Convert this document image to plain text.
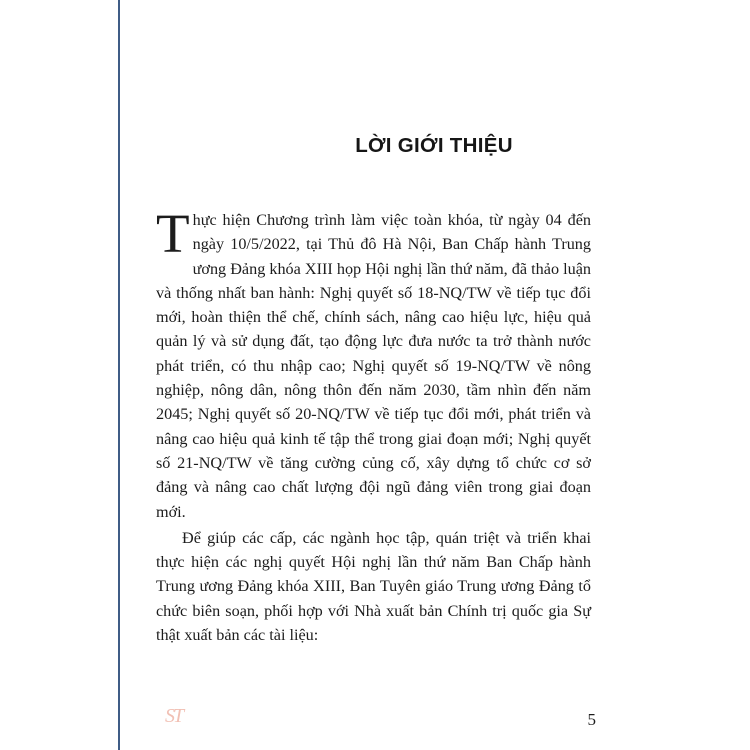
LỜI GIỚI THIỆU

Thực hiện Chương trình làm việc toàn khóa, từ ngày 04 đến ngày 10/5/2022, tại Thủ đô Hà Nội, Ban Chấp hành Trung ương Đảng khóa XIII họp Hội nghị lần thứ năm, đã thảo luận và thống nhất ban hành: Nghị quyết số 18-NQ/TW về tiếp tục đổi mới, hoàn thiện thể chế, chính sách, nâng cao hiệu lực, hiệu quả quản lý và sử dụng đất, tạo động lực đưa nước ta trở thành nước phát triển, có thu nhập cao; Nghị quyết số 19-NQ/TW về nông nghiệp, nông dân, nông thôn đến năm 2030, tầm nhìn đến năm 2045; Nghị quyết số 20-NQ/TW về tiếp tục đổi mới, phát triển và nâng cao hiệu quả kinh tế tập thể trong giai đoạn mới; Nghị quyết số 21-NQ/TW về tăng cường củng cố, xây dựng tổ chức cơ sở đảng và nâng cao chất lượng đội ngũ đảng viên trong giai đoạn mới.

Để giúp các cấp, các ngành học tập, quán triệt và triển khai thực hiện các nghị quyết Hội nghị lần thứ năm Ban Chấp hành Trung ương Đảng khóa XIII, Ban Tuyên giáo Trung ương Đảng tổ chức biên soạn, phối hợp với Nhà xuất bản Chính trị quốc gia Sự thật xuất bản các tài liệu:

ST	5
